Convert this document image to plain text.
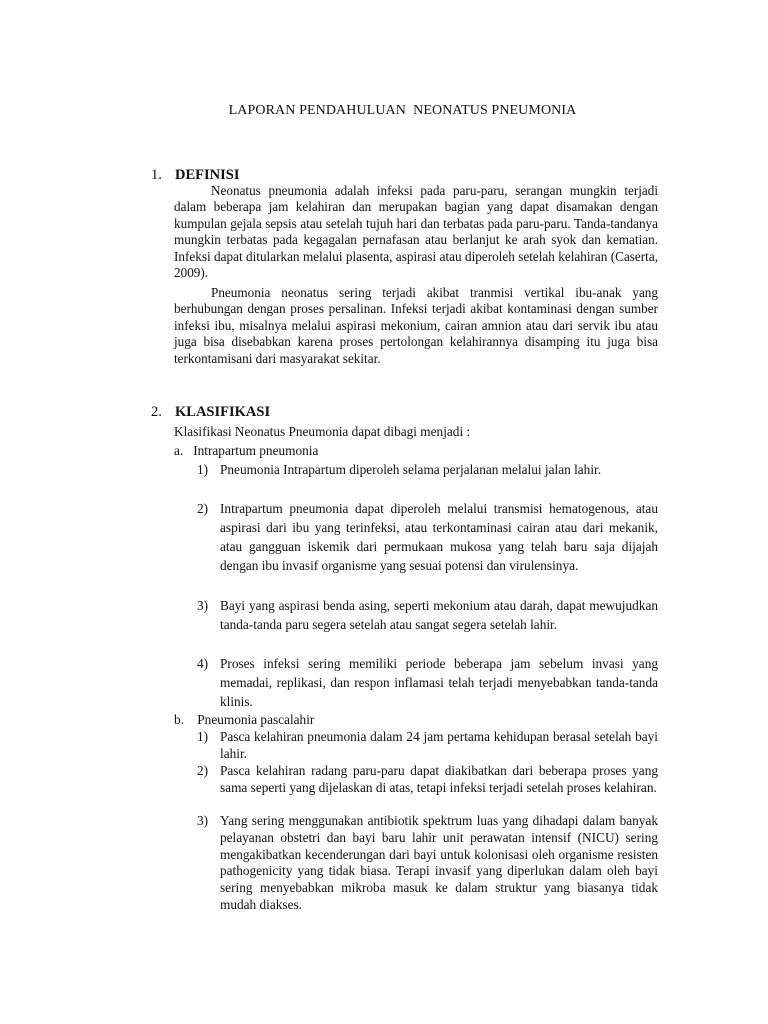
LAPORAN PENDAHULUAN  NEONATUS PNEUMONIA
1. DEFINISI
Neonatus pneumonia adalah infeksi pada paru-paru, serangan mungkin terjadi dalam beberapa jam kelahiran dan merupakan bagian yang dapat disamakan dengan kumpulan gejala sepsis atau setelah tujuh hari dan terbatas pada paru-paru. Tanda-tandanya mungkin terbatas pada kegagalan pernafasan atau berlanjut ke arah syok dan kematian. Infeksi dapat ditularkan melalui plasenta, aspirasi atau diperoleh setelah kelahiran (Caserta, 2009).
Pneumonia neonatus sering terjadi akibat tranmisi vertikal ibu-anak yang berhubungan dengan proses persalinan. Infeksi terjadi akibat kontaminasi dengan sumber infeksi ibu, misalnya melalui aspirasi mekonium, cairan amnion atau dari servik ibu atau juga bisa disebabkan karena proses pertolongan kelahirannya disamping itu juga bisa terkontamisani dari masyarakat sekitar.
2. KLASIFIKASI
Klasifikasi Neonatus Pneumonia dapat dibagi menjadi :
a.   Intrapartum pneumonia
1) Pneumonia Intrapartum diperoleh selama perjalanan melalui jalan lahir.
2) Intrapartum pneumonia dapat diperoleh melalui transmisi hematogenous, atau aspirasi dari ibu yang terinfeksi, atau terkontaminasi cairan atau dari mekanik, atau gangguan iskemik dari permukaan mukosa yang telah baru saja dijajah dengan ibu invasif organisme yang sesuai potensi dan virulensinya.
3) Bayi yang aspirasi benda asing, seperti mekonium atau darah, dapat mewujudkan tanda-tanda paru segera setelah atau sangat segera setelah lahir.
4) Proses infeksi sering memiliki periode beberapa jam sebelum invasi yang memadai, replikasi, dan respon inflamasi telah terjadi menyebabkan tanda-tanda klinis.
b.    Pneumonia pascalahir
1) Pasca kelahiran pneumonia dalam 24 jam pertama kehidupan berasal setelah bayi lahir.
2) Pasca kelahiran radang paru-paru dapat diakibatkan dari beberapa proses yang sama seperti yang dijelaskan di atas, tetapi infeksi terjadi setelah proses kelahiran.
3) Yang sering menggunakan antibiotik spektrum luas yang dihadapi dalam banyak pelayanan obstetri dan bayi baru lahir unit perawatan intensif (NICU) sering mengakibatkan kecenderungan dari bayi untuk kolonisasi oleh organisme resisten pathogenicity yang tidak biasa. Terapi invasif yang diperlukan dalam oleh bayi sering menyebabkan mikroba masuk ke dalam struktur yang biasanya tidak mudah diakses.
